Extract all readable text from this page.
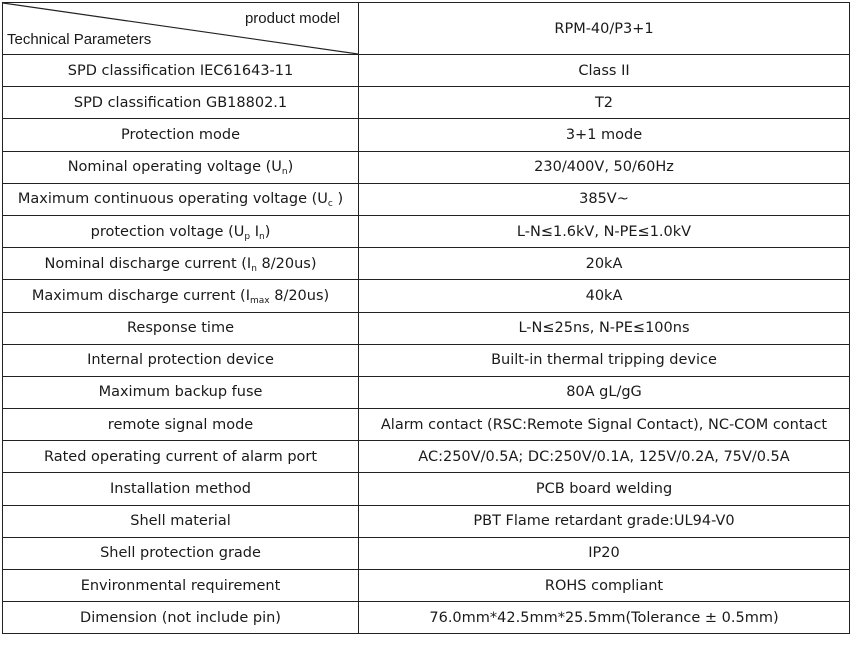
product model
Technical Parameters	RPM-40/P3+1
SPD classification IEC61643-11	Class II
SPD classification GB18802.1	T2
Protection mode	3+1 mode
Nominal operating voltage $(U_n)$	230/400V, 50/60Hz
Maximum continuous operating voltage ($U_c$ )	385V~
protection voltage ($U_p$ $I_n$)	L-N≤1.6kV, N-PE≤1.0kV
Nominal discharge current ($I_n$ 8/20us)	20kA
Maximum discharge current ($I_{max}$ 8/20us)	40kA
Response time	L-N≤25ns, N-PE≤100ns
Internal protection device	Built-in thermal tripping device
Maximum backup fuse	80A gL/gG
remote signal mode	Alarm contact (RSC:Remote Signal Contact), NC-COM contact
Rated operating current of alarm port	AC:250V/0.5A; DC:250V/0.1A, 125V/0.2A, 75V/0.5A
Installation method	PCB board welding
Shell material	PBT Flame retardant grade:UL94-V0
Shell protection grade	IP20
Environmental requirement	ROHS compliant
Dimension (not include pin)	76.0mm*42.5mm*25.5mm(Tolerance ± 0.5mm)
